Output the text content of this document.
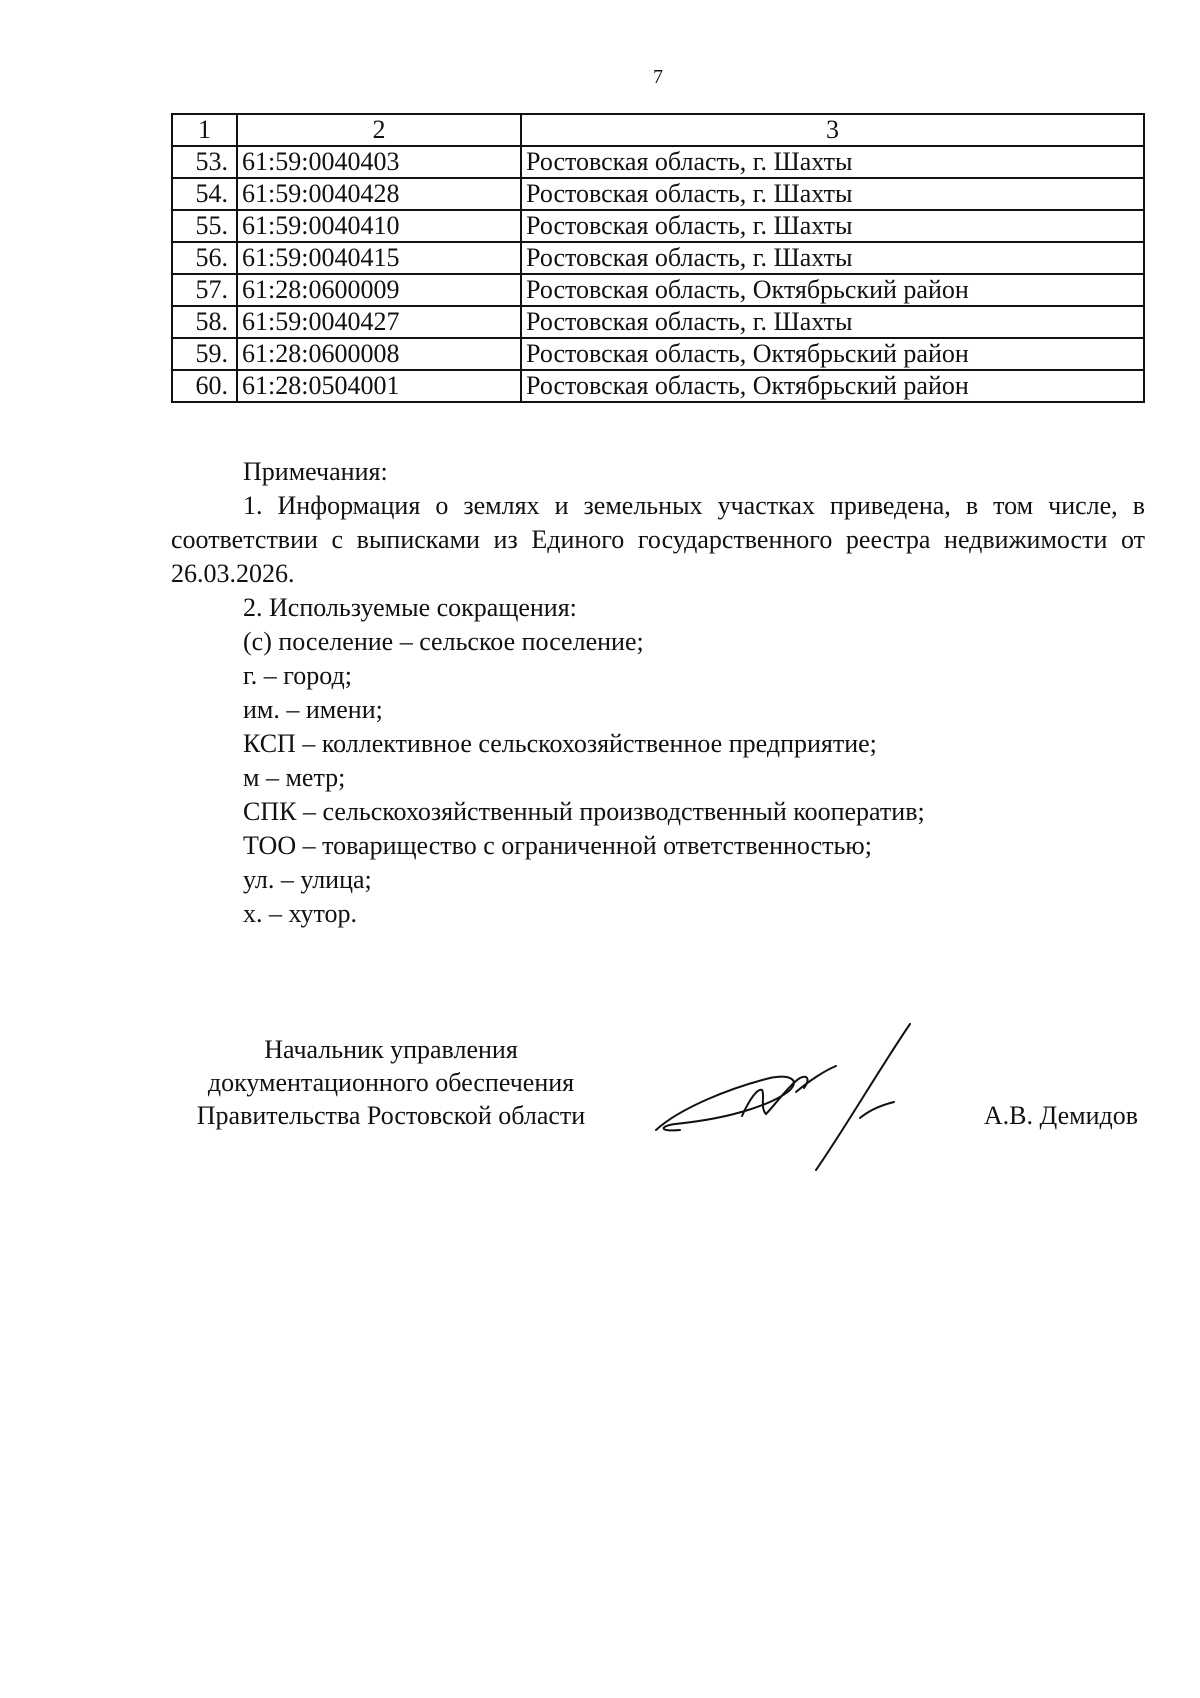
7
1	2	3
53.	61:59:0040403	Ростовская область, г. Шахты
54.	61:59:0040428	Ростовская область, г. Шахты
55.	61:59:0040410	Ростовская область, г. Шахты
56.	61:59:0040415	Ростовская область, г. Шахты
57.	61:28:0600009	Ростовская область, Октябрьский район
58.	61:59:0040427	Ростовская область, г. Шахты
59.	61:28:0600008	Ростовская область, Октябрьский район
60.	61:28:0504001	Ростовская область, Октябрьский район

Примечания:

1. Информация о землях и земельных участках приведена, в том числе, в соответствии с выписками из Единого государственного реестра недвижимости от 26.03.2026.

2. Используемые сокращения:

(с) поселение – сельское поселение;

г. – город;

им. – имени;

КСП – коллективное сельскохозяйственное предприятие;

м – метр;

СПК – сельскохозяйственный производственный кооператив;

ТОО – товарищество с ограниченной ответственностью;

ул. – улица;

х. – хутор.

Начальник управления
документационного обеспечения
Правительства Ростовской области	А.В. Демидов
